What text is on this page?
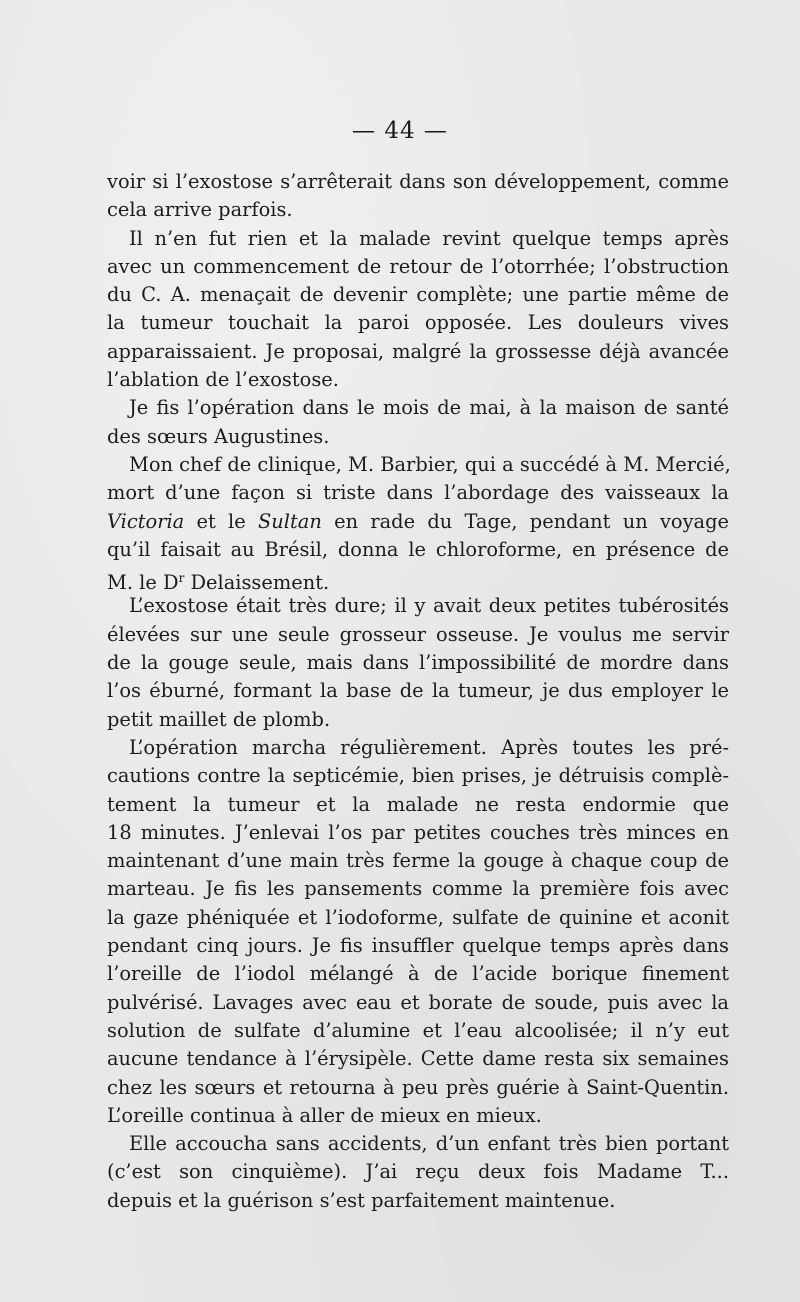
— 44 —
voir si l’exostose s’arrêterait dans son développement, comme
cela arrive parfois.
Il n’en fut rien et la malade revint quelque temps après
avec un commencement de retour de l’otorrhée; l’obstruction
du C. A. menaçait de devenir complète; une partie même de
la tumeur touchait la paroi opposée. Les douleurs vives
apparaissaient. Je proposai, malgré la grossesse déjà avancée
l’ablation de l’exostose.
Je fis l’opération dans le mois de mai, à la maison de santé
des sœurs Augustines.
Mon chef de clinique, M. Barbier, qui a succédé à M. Mercié,
mort d’une façon si triste dans l’abordage des vaisseaux la
Victoria et le Sultan en rade du Tage, pendant un voyage
qu’il faisait au Brésil, donna le chloroforme, en présence de
M. le $D^r$ Delaissement.
L’exostose était très dure; il y avait deux petites tubérosités
élevées sur une seule grosseur osseuse. Je voulus me servir
de la gouge seule, mais dans l’impossibilité de mordre dans
l’os éburné, formant la base de la tumeur, je dus employer le
petit maillet de plomb.
L’opération marcha régulièrement. Après toutes les pré-
cautions contre la septicémie, bien prises, je détruisis complè-
tement la tumeur et la malade ne resta endormie que
18 minutes. J’enlevai l’os par petites couches très minces en
maintenant d’une main très ferme la gouge à chaque coup de
marteau. Je fis les pansements comme la première fois avec
la gaze phéniquée et l’iodoforme, sulfate de quinine et aconit
pendant cinq jours. Je fis insuffler quelque temps après dans
l’oreille de l’iodol mélangé à de l’acide borique finement
pulvérisé. Lavages avec eau et borate de soude, puis avec la
solution de sulfate d’alumine et l’eau alcoolisée; il n’y eut
aucune tendance à l’érysipèle. Cette dame resta six semaines
chez les sœurs et retourna à peu près guérie à Saint-Quentin.
L’oreille continua à aller de mieux en mieux.
Elle accoucha sans accidents, d’un enfant très bien portant
(c’est son cinquième). J’ai reçu deux fois Madame T...
depuis et la guérison s’est parfaitement maintenue.
